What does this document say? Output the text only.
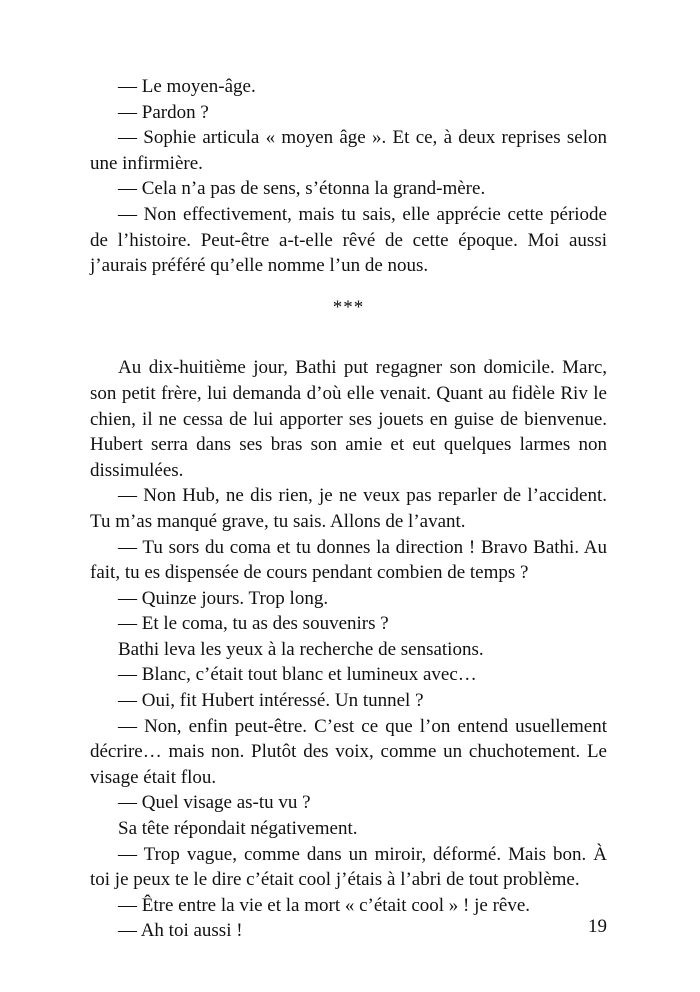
— Le moyen-âge.

— Pardon ?

— Sophie articula « moyen âge ». Et ce, à deux reprises selon une infirmière.

— Cela n’a pas de sens, s’étonna la grand-mère.

— Non effectivement, mais tu sais, elle apprécie cette période de l’histoire. Peut-être a-t-elle rêvé de cette époque. Moi aussi j’aurais préféré qu’elle nomme l’un de nous.

***

Au dix-huitième jour, Bathi put regagner son domicile. Marc, son petit frère, lui demanda d’où elle venait. Quant au fidèle Riv le chien, il ne cessa de lui apporter ses jouets en guise de bienvenue. Hubert serra dans ses bras son amie et eut quelques larmes non dissimulées.

— Non Hub, ne dis rien, je ne veux pas reparler de l’accident. Tu m’as manqué grave, tu sais. Allons de l’avant.

— Tu sors du coma et tu donnes la direction ! Bravo Bathi. Au fait, tu es dispensée de cours pendant combien de temps ?

— Quinze jours. Trop long.

— Et le coma, tu as des souvenirs ?

Bathi leva les yeux à la recherche de sensations.

— Blanc, c’était tout blanc et lumineux avec…

— Oui, fit Hubert intéressé. Un tunnel ?

— Non, enfin peut-être. C’est ce que l’on entend usuellement décrire… mais non. Plutôt des voix, comme un chuchotement. Le visage était flou.

— Quel visage as-tu vu ?

Sa tête répondait négativement.

— Trop vague, comme dans un miroir, déformé. Mais bon. À toi je peux te le dire c’était cool j’étais à l’abri de tout problème.

— Être entre la vie et la mort « c’était cool » ! je rêve.

— Ah toi aussi !	19
